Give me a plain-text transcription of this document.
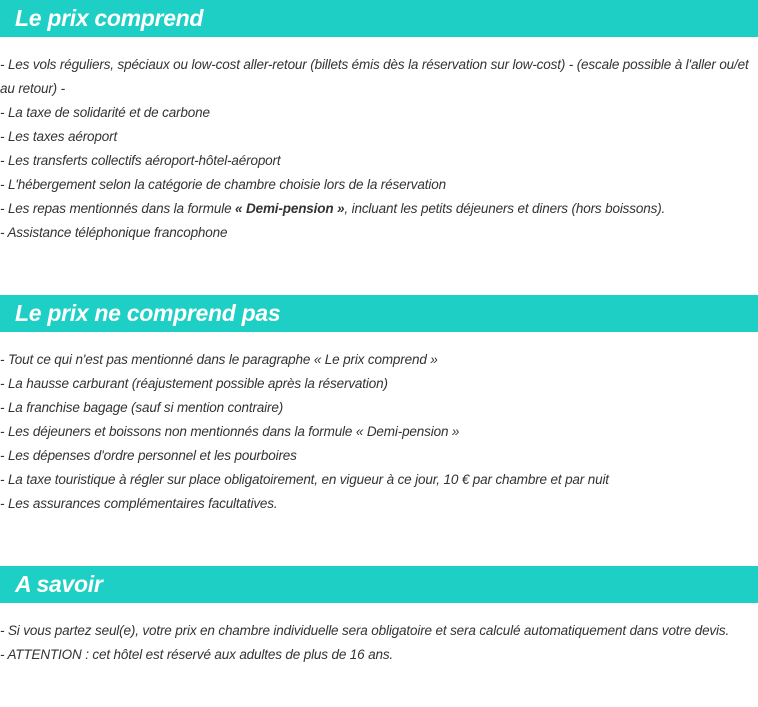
Le prix comprend

- Les vols réguliers, spéciaux ou low-cost aller-retour (billets émis dès la réservation sur low-cost) - (escale possible à l'aller ou/et au retour) -

- La taxe de solidarité et de carbone

- Les taxes aéroport

- Les transferts collectifs aéroport-hôtel-aéroport

- L'hébergement selon la catégorie de chambre choisie lors de la réservation

- Les repas mentionnés dans la formule « Demi-pension », incluant les petits déjeuners et diners (hors boissons).

- Assistance téléphonique francophone

Le prix ne comprend pas

- Tout ce qui n'est pas mentionné dans le paragraphe « Le prix comprend »

- La hausse carburant (réajustement possible après la réservation)

- La franchise bagage (sauf si mention contraire)

- Les déjeuners et boissons non mentionnés dans la formule « Demi-pension »

- Les dépenses d'ordre personnel et les pourboires

- La taxe touristique à régler sur place obligatoirement, en vigueur à ce jour, 10 € par chambre et par nuit

- Les assurances complémentaires facultatives.

A savoir

- Si vous partez seul(e), votre prix en chambre individuelle sera obligatoire et sera calculé automatiquement dans votre devis.

- ATTENTION : cet hôtel est réservé aux adultes de plus de 16 ans.
